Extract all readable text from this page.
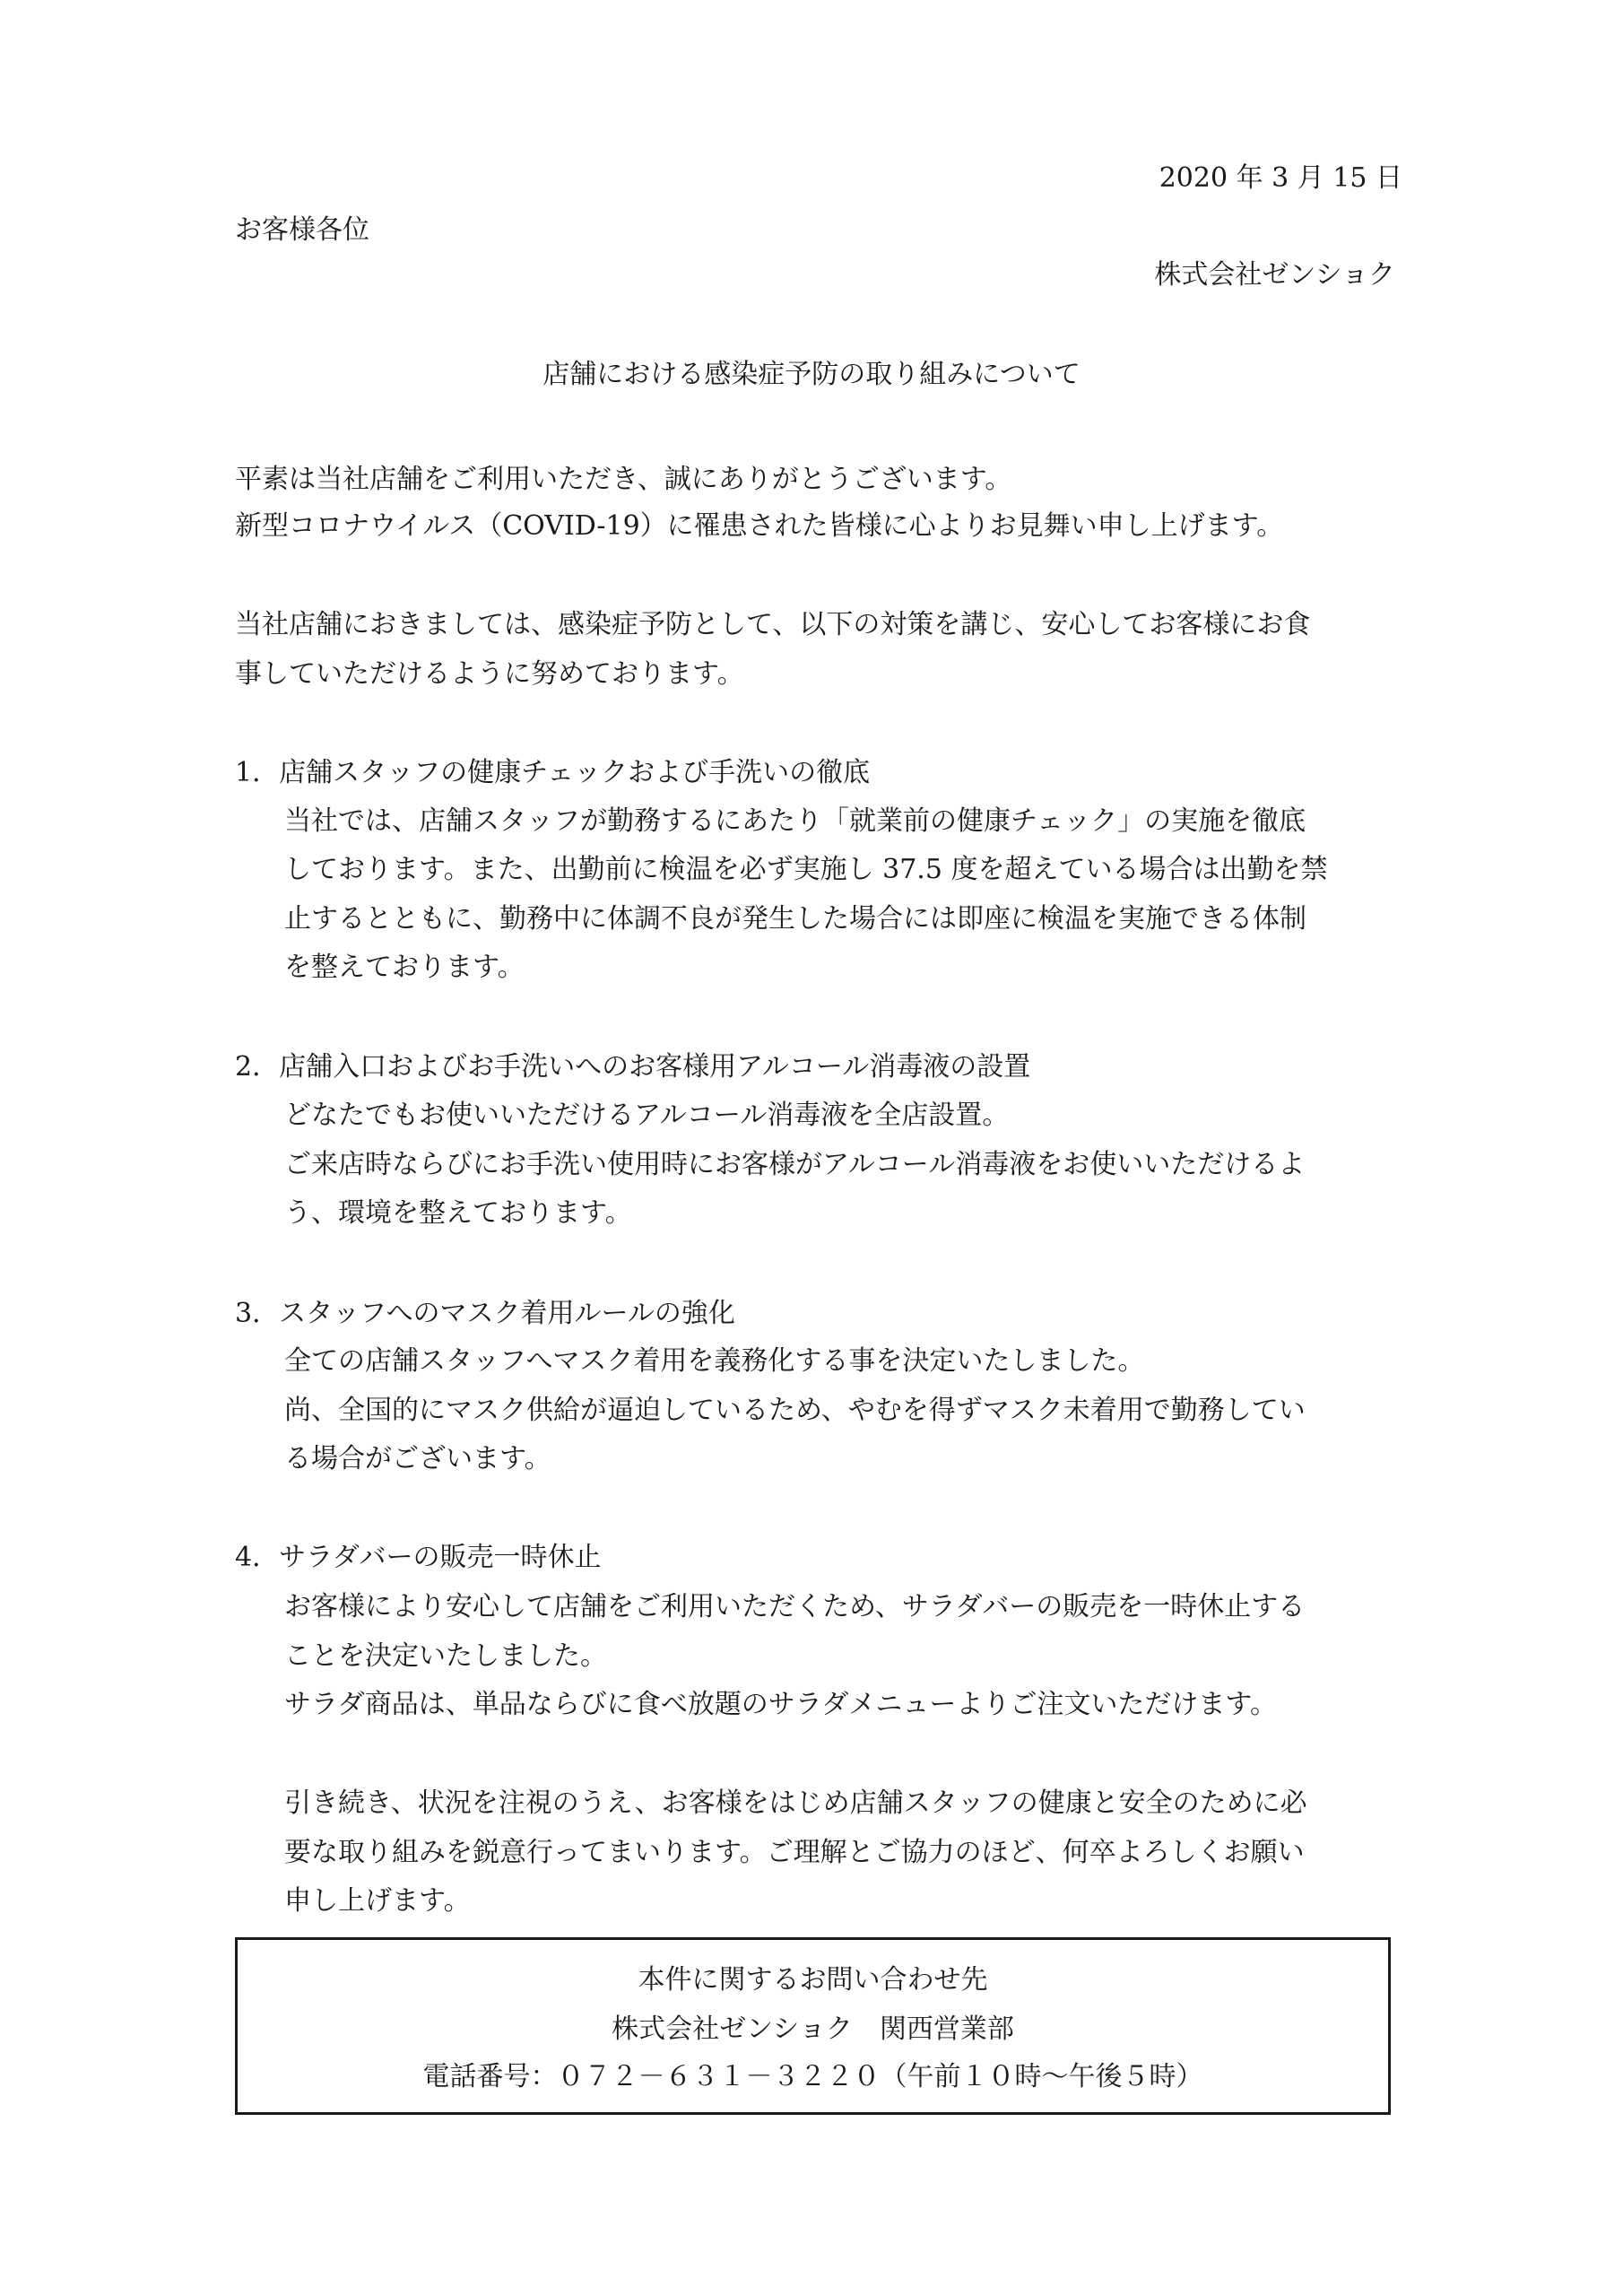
2020 年 3 月 15 日
お客様各位
株式会社ゼンショク
店舗における感染症予防の取り組みについて
平素は当社店舗をご利用いただき、誠にありがとうございます。
新型コロナウイルス（COVID-19）に罹患された皆様に心よりお見舞い申し上げます。
当社店舗におきましては、感染症予防として、以下の対策を講じ、安心してお客様にお食
事していただけるように努めております。
1．店舗スタッフの健康チェックおよび手洗いの徹底
当社では、店舗スタッフが勤務するにあたり「就業前の健康チェック」の実施を徹底
しております。また、出勤前に検温を必ず実施し 37.5 度を超えている場合は出勤を禁
止するとともに、勤務中に体調不良が発生した場合には即座に検温を実施できる体制
を整えております。
2．店舗入口およびお手洗いへのお客様用アルコール消毒液の設置
どなたでもお使いいただけるアルコール消毒液を全店設置。
ご来店時ならびにお手洗い使用時にお客様がアルコール消毒液をお使いいただけるよ
う、環境を整えております。
3．スタッフへのマスク着用ルールの強化
全ての店舗スタッフへマスク着用を義務化する事を決定いたしました。
尚、全国的にマスク供給が逼迫しているため、やむを得ずマスク未着用で勤務してい
る場合がございます。
4．サラダバーの販売一時休止
お客様により安心して店舗をご利用いただくため、サラダバーの販売を一時休止する
ことを決定いたしました。
サラダ商品は、単品ならびに食べ放題のサラダメニューよりご注文いただけます。
引き続き、状況を注視のうえ、お客様をはじめ店舗スタッフの健康と安全のために必
要な取り組みを鋭意行ってまいります。ご理解とご協力のほど、何卒よろしくお願い
申し上げます。
本件に関するお問い合わせ先
株式会社ゼンショク　関西営業部
電話番号：０７２－６３１－３２２０（午前１０時～午後５時）
